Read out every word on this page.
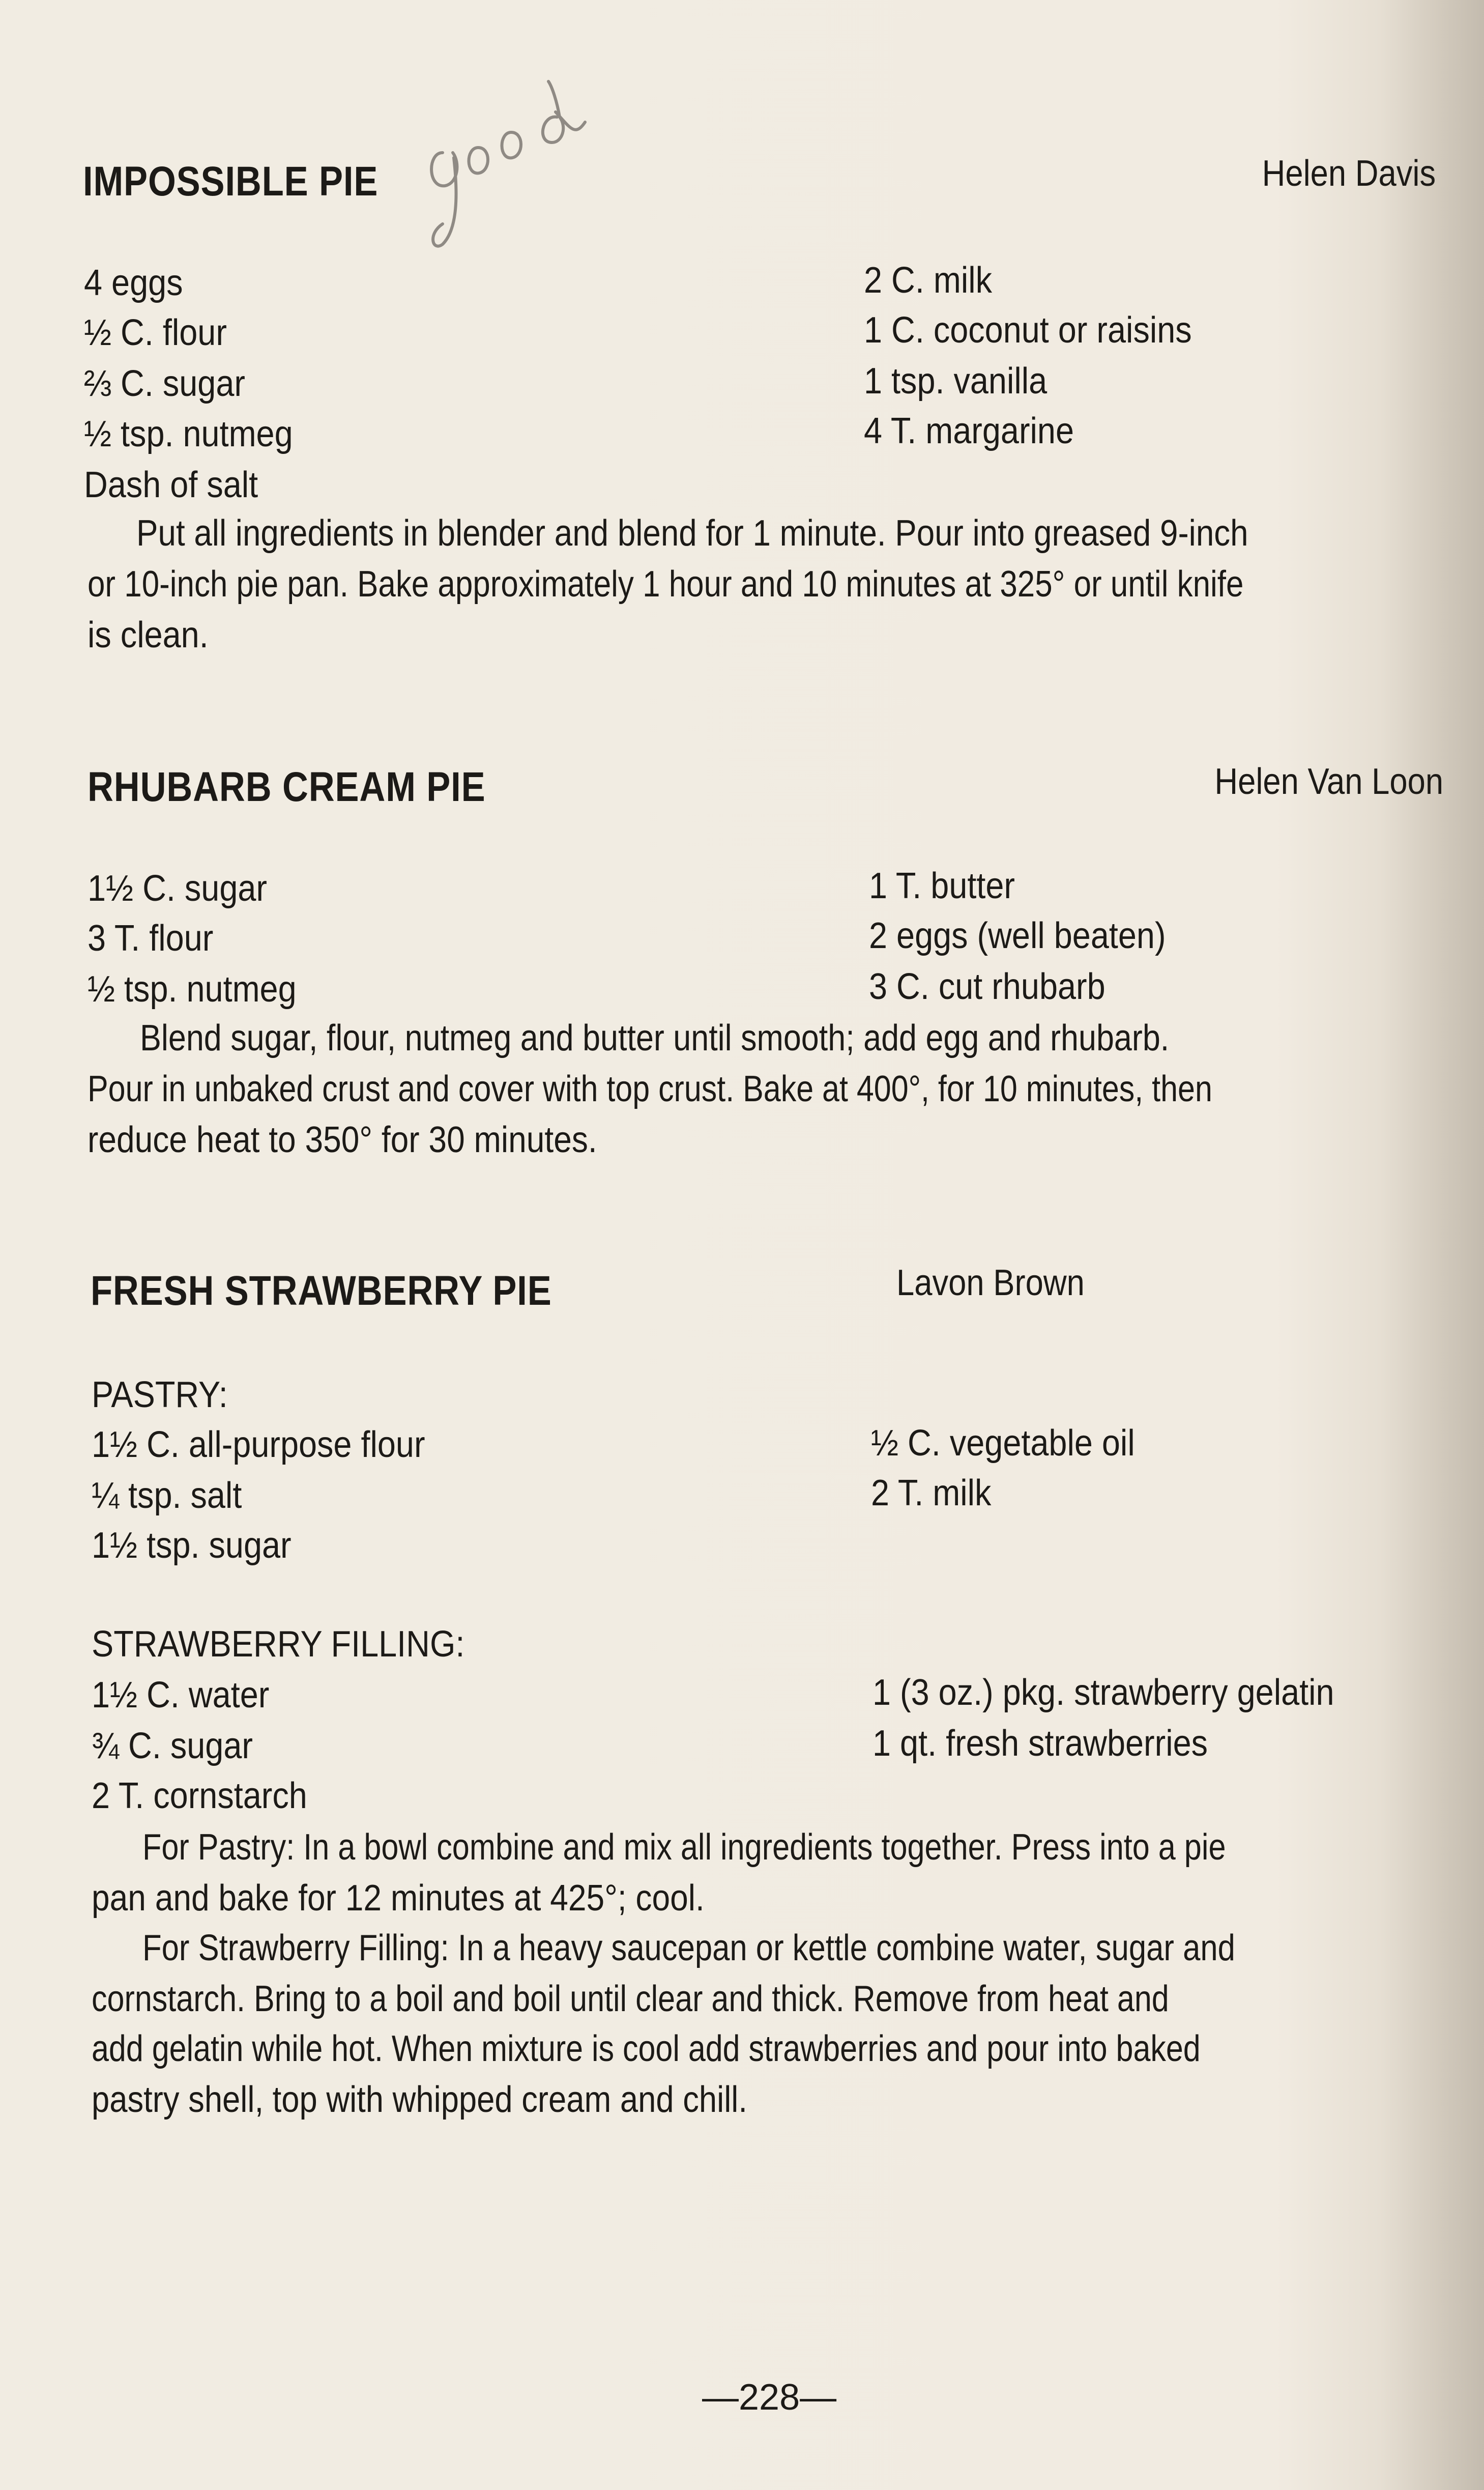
IMPOSSIBLE PIE	Helen Davis
4 eggs
½ C. flour
⅔ C. sugar
½ tsp. nutmeg
Dash of salt
2 C. milk
1 C. coconut or raisins
1 tsp. vanilla
4 T. margarine
Put all ingredients in blender and blend for 1 minute. Pour into greased 9-inch
or 10-inch pie pan. Bake approximately 1 hour and 10 minutes at 325° or until knife
is clean.
RHUBARB CREAM PIE	Helen Van Loon
1½ C. sugar
3 T. flour
½ tsp. nutmeg
1 T. butter
2 eggs (well beaten)
3 C. cut rhubarb
Blend sugar, flour, nutmeg and butter until smooth; add egg and rhubarb.
Pour in unbaked crust and cover with top crust. Bake at 400°, for 10 minutes, then
reduce heat to 350° for 30 minutes.
FRESH STRAWBERRY PIE	Lavon Brown
PASTRY:
1½ C. all-purpose flour
¼ tsp. salt
1½ tsp. sugar
½ C. vegetable oil
2 T. milk
STRAWBERRY FILLING:
1½ C. water
¾ C. sugar
2 T. cornstarch
1 (3 oz.) pkg. strawberry gelatin
1 qt. fresh strawberries
For Pastry: In a bowl combine and mix all ingredients together. Press into a pie
pan and bake for 12 minutes at 425°; cool.
For Strawberry Filling: In a heavy saucepan or kettle combine water, sugar and
cornstarch. Bring to a boil and boil until clear and thick. Remove from heat and
add gelatin while hot. When mixture is cool add strawberries and pour into baked
pastry shell, top with whipped cream and chill.
—228—
